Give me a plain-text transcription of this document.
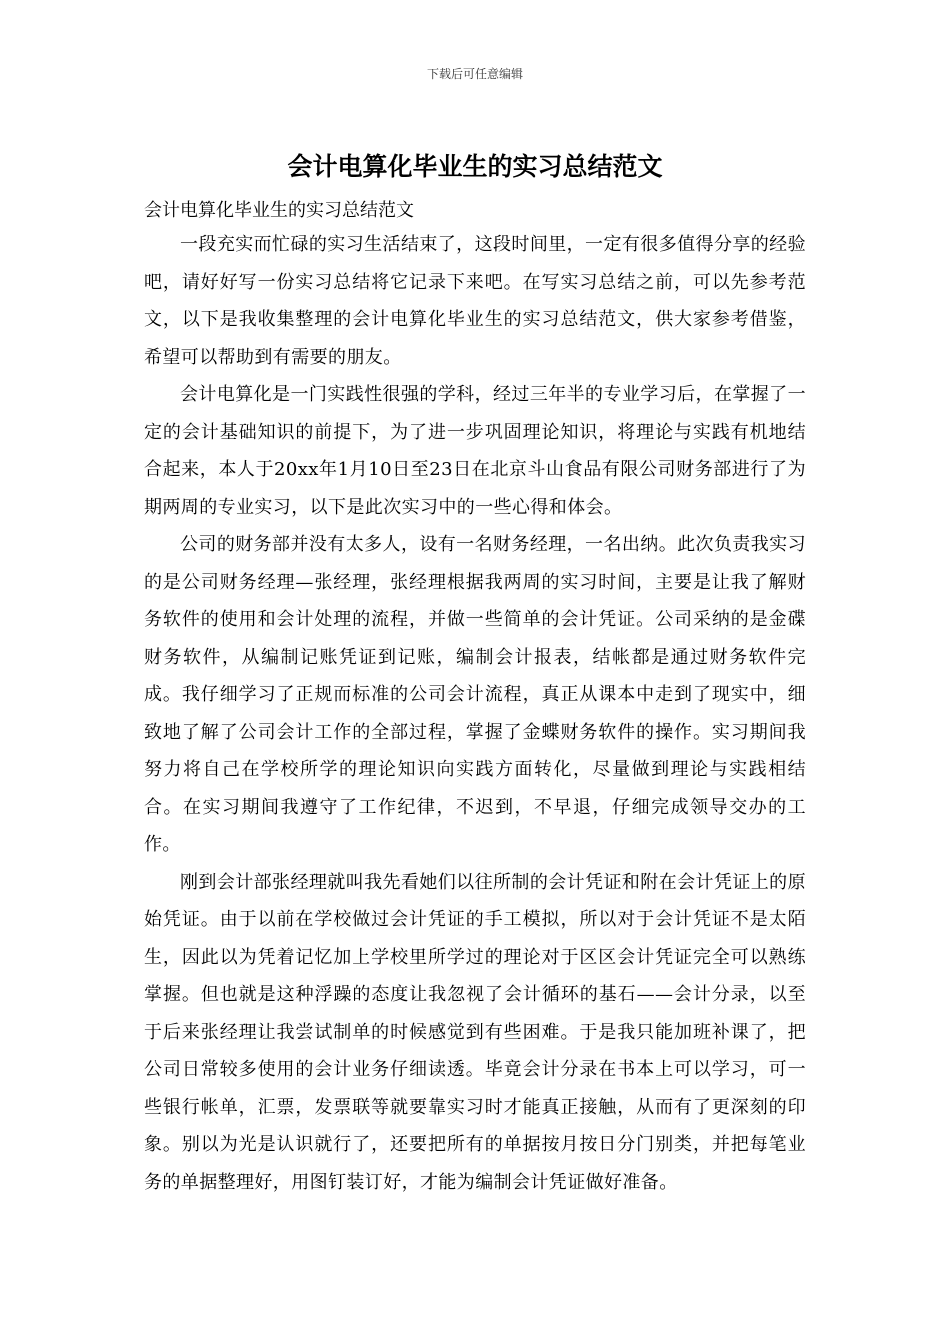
下载后可任意编辑
会计电算化毕业生的实习总结范文

会计电算化毕业生的实习总结范文

一段充实而忙碌的实习生活结束了，这段时间里，一定有很多值得分享的经验吧，请好好写一份实习总结将它记录下来吧。在写实习总结之前，可以先参考范文，以下是我收集整理的会计电算化毕业生的实习总结范文，供大家参考借鉴，希望可以帮助到有需要的朋友。

会计电算化是一门实践性很强的学科，经过三年半的专业学习后，在掌握了一定的会计基础知识的前提下，为了进一步巩固理论知识，将理论与实践有机地结合起来，本人于20xx年1月10日至23日在北京斗山食品有限公司财务部进行了为期两周的专业实习，以下是此次实习中的一些心得和体会。

公司的财务部并没有太多人，设有一名财务经理，一名出纳。此次负责我实习的是公司财务经理—张经理，张经理根据我两周的实习时间，主要是让我了解财务软件的使用和会计处理的流程，并做一些简单的会计凭证。公司采纳的是金碟财务软件，从编制记账凭证到记账，编制会计报表，结帐都是通过财务软件完成。我仔细学习了正规而标准的公司会计流程，真正从课本中走到了现实中，细致地了解了公司会计工作的全部过程，掌握了金蝶财务软件的操作。实习期间我努力将自己在学校所学的理论知识向实践方面转化，尽量做到理论与实践相结合。在实习期间我遵守了工作纪律，不迟到，不早退，仔细完成领导交办的工作。

刚到会计部张经理就叫我先看她们以往所制的会计凭证和附在会计凭证上的原始凭证。由于以前在学校做过会计凭证的手工模拟，所以对于会计凭证不是太陌生，因此以为凭着记忆加上学校里所学过的理论对于区区会计凭证完全可以熟练掌握。但也就是这种浮躁的态度让我忽视了会计循环的基石——会计分录，以至于后来张经理让我尝试制单的时候感觉到有些困难。于是我只能加班补课了，把公司日常较多使用的会计业务仔细读透。毕竟会计分录在书本上可以学习，可一些银行帐单，汇票，发票联等就要靠实习时才能真正接触，从而有了更深刻的印象。别以为光是认识就行了，还要把所有的单据按月按日分门别类，并把每笔业务的单据整理好，用图钉装订好，才能为编制会计凭证做好准备。
